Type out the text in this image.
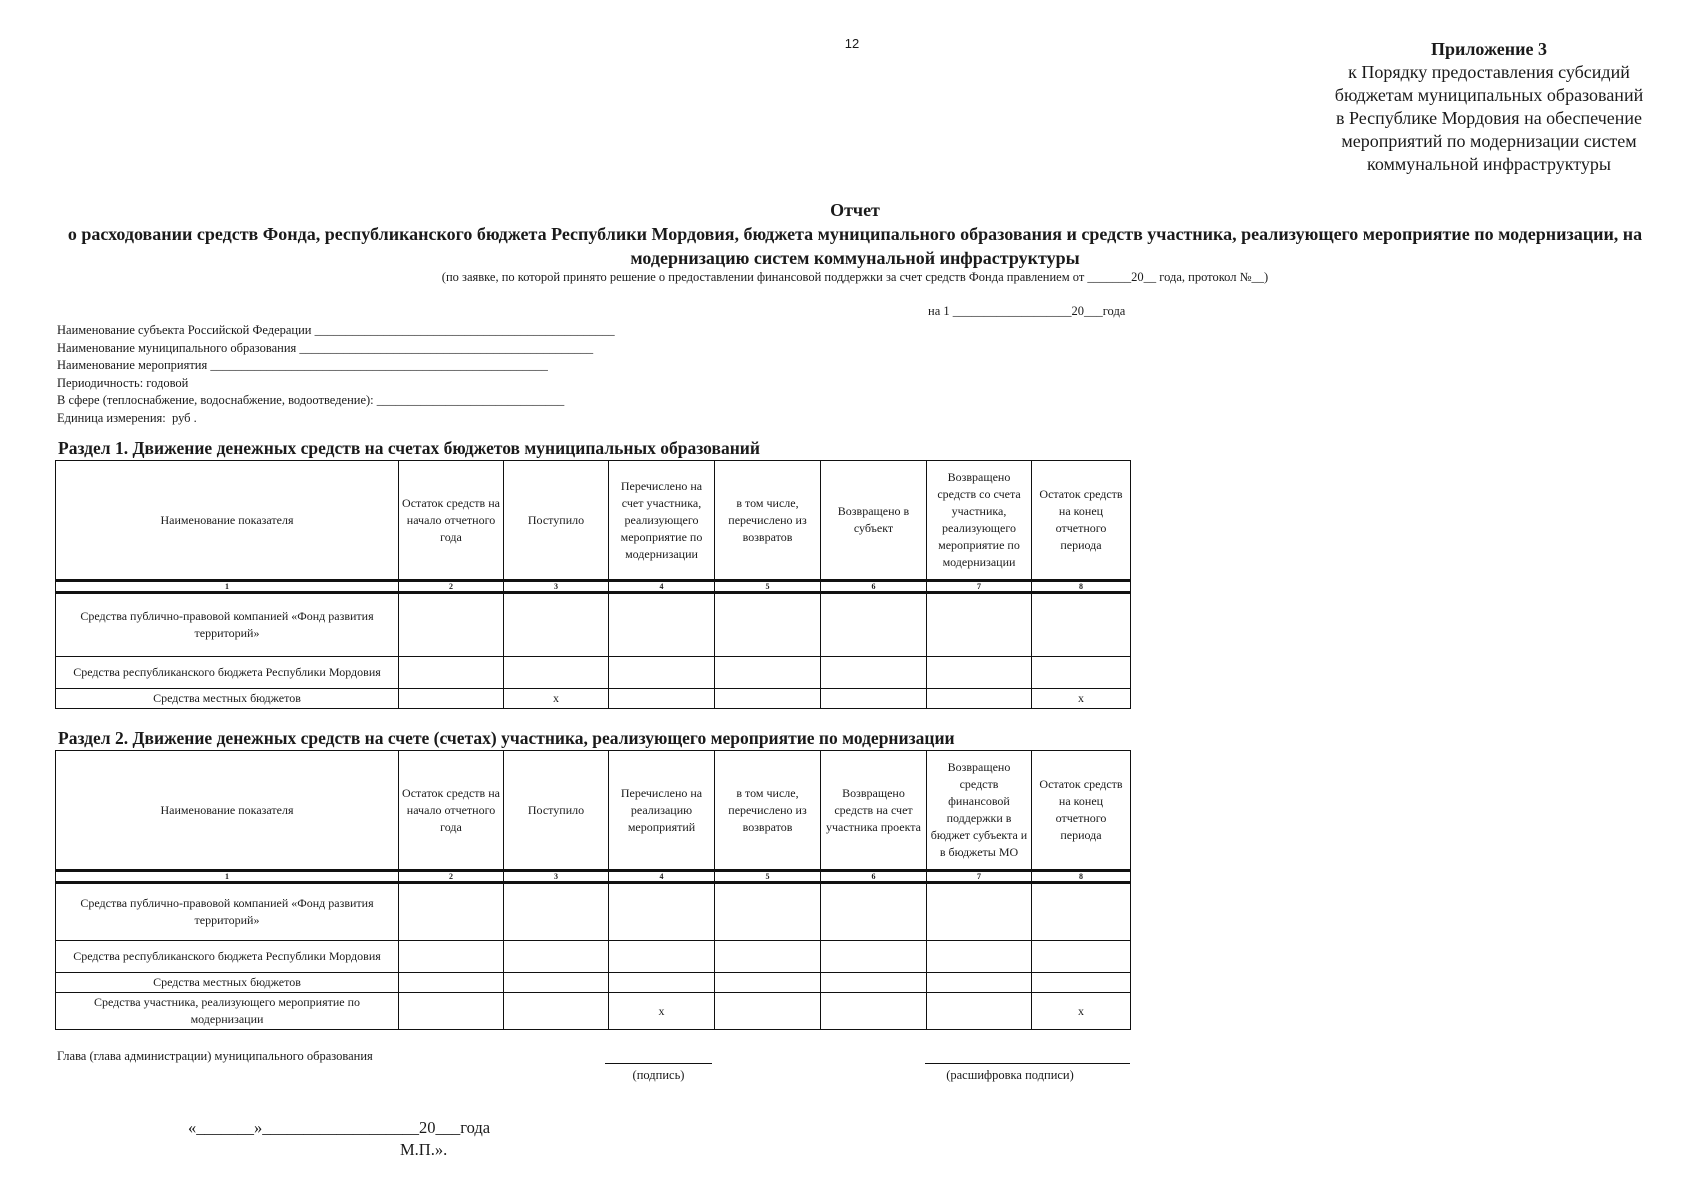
12	Приложение 3
к Порядку предоставления субсидий
бюджетам муниципальных образований
в Республике Мордовия на обеспечение
мероприятий по модернизации систем
коммунальной инфраструктуры
Отчет
о расходовании средств Фонда, республиканского бюджета Республики Мордовия, бюджета муниципального образования и средств участника, реализующего мероприятие по модернизации, на модернизацию систем коммунальной инфраструктуры
(по заявке, по которой принято решение о предоставлении финансовой поддержки за счет средств Фонда правлением от _______20__ года, протокол №__)
на 1 ___________________20___года
Наименование субъекта Российской Федерации ________________________________________________
Наименование муниципального образования _______________________________________________
Наименование мероприятия ______________________________________________________
Периодичность: годовой
В сфере (теплоснабжение, водоснабжение, водоотведение): ______________________________
Единица измерения:  руб .
Раздел 1. Движение денежных средств на счетах бюджетов муниципальных образований
Наименование показателя	Остаток средств на начало отчетного года	Поступило	Перечислено на счет участника, реализующего мероприятие по модернизации	в том числе, перечислено из возвратов	Возвращено в субъект	Возвращено средств со счета участника, реализующего мероприятие по модернизации	Остаток средств на конец отчетного периода
1	2	3	4	5	6	7	8
Средства публично-правовой компанией «Фонд развития территорий»							
Средства республиканского бюджета Республики Мордовия							
Средства местных бюджетов		x					x
Раздел 2. Движение денежных средств на счете (счетах) участника, реализующего мероприятие по модернизации
Наименование показателя	Остаток средств на начало отчетного года	Поступило	Перечислено на реализацию мероприятий	в том числе, перечислено из возвратов	Возвращено средств на счет участника проекта	Возвращено средств финансовой поддержки в бюджет субъекта и в бюджеты МО	Остаток средств на конец отчетного периода
1	2	3	4	5	6	7	8
Средства публично-правовой компанией «Фонд развития территорий»							
Средства республиканского бюджета Республики Мордовия							
Средства местных бюджетов							
Средства участника, реализующего мероприятие по модернизации			x				x
Глава (глава администрации) муниципального образования
(подпись)	(расшифровка подписи)
«_______»___________________20___года
М.П.».
